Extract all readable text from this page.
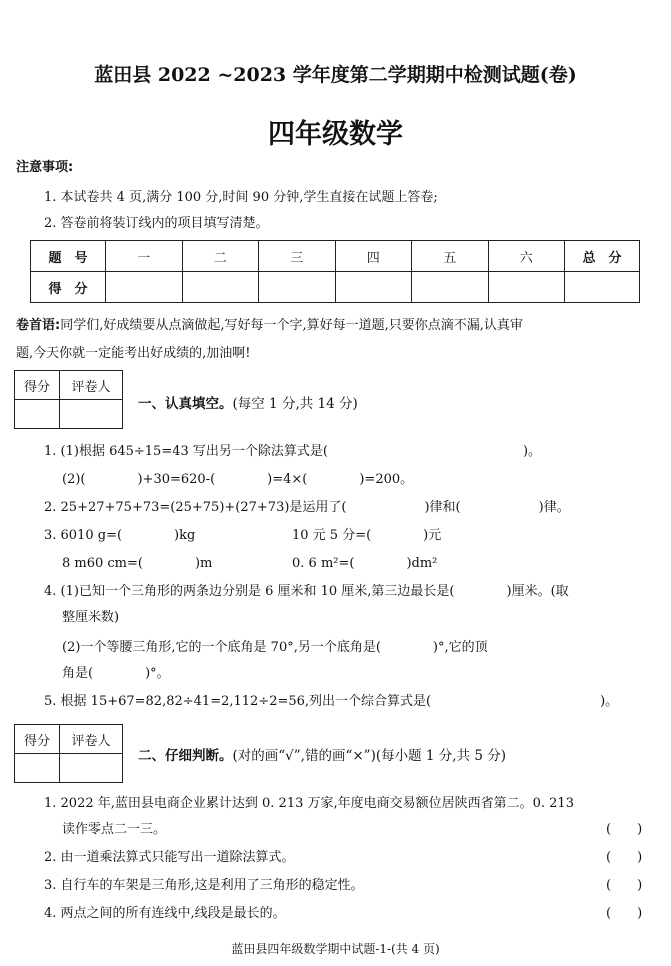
蓝田县 2022 ~2023 学年度第二学期期中检测试题(卷)
四年级数学
注意事项:
1. 本试卷共 4 页,满分 100 分,时间 90 分钟,学生直接在试题上答卷;
2. 答卷前将装订线内的项目填写清楚。
题　号	一	二	三	四	五	六	总　分
得　分							
卷首语:同学们,好成绩要从点滴做起,写好每一个字,算好每一道题,只要你点滴不漏,认真审
题,今天你就一定能考出好成绩的,加油啊!
得分	评卷人

一、认真填空。(每空 1 分,共 14 分)
1. (1)根据 645÷15=43 写出另一个除法算式是(　　　　　　　　　　　　　　　)。
(2)(　　　　)+30=620-(　　　　)=4×(　　　　)=200。
2. 25+27+75+73=(25+75)+(27+73)是运用了(　　　　　　)律和(　　　　　　)律。
3. 6010 g=(　　　　)kg	10 元 5 分=(　　　　)元
8 m60 cm=(　　　　)m	0. 6 m²=(　　　　)dm²
4. (1)已知一个三角形的两条边分别是 6 厘米和 10 厘米,第三边最长是(　　　　)厘米。(取
整厘米数)
(2)一个等腰三角形,它的一个底角是 70°,另一个底角是(　　　　)°,它的顶
角是(　　　　)°。
5. 根据 15+67=82,82÷41=2,112÷2=56,列出一个综合算式是(　　　　　　　　　　　　　)。
得分	评卷人

二、仔细判断。(对的画“√”,错的画“×”)(每小题 1 分,共 5 分)
1. 2022 年,蓝田县电商企业累计达到 0. 213 万家,年度电商交易额位居陕西省第二。0. 213
读作零点二一三。	(　　)
2. 由一道乘法算式只能写出一道除法算式。	(　　)
3. 自行车的车架是三角形,这是利用了三角形的稳定性。	(　　)
4. 两点之间的所有连线中,线段是最长的。	(　　)
蓝田县四年级数学期中试题-1-(共 4 页)
